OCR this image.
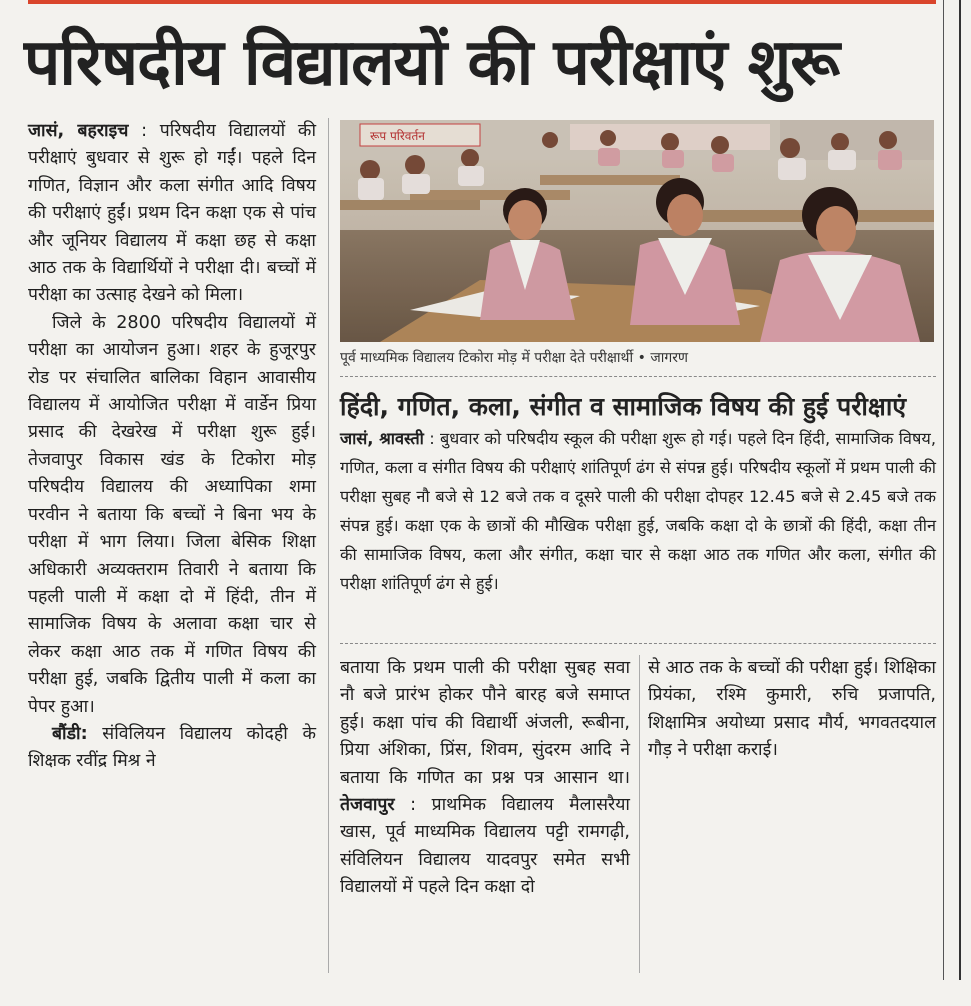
परिषदीय विद्यालयों की परीक्षाएं शुरू

जासं, बहराइच : परिषदीय विद्यालयों की परीक्षाएं बुधवार से शुरू हो गईं। पहले दिन गणित, विज्ञान और कला संगीत आदि विषय की परीक्षाएं हुईं। प्रथम दिन कक्षा एक से पांच और जूनियर विद्यालय में कक्षा छह से कक्षा आठ तक के विद्यार्थियों ने परीक्षा दी। बच्चों में परीक्षा का उत्साह देखने को मिला।

जिले के 2800 परिषदीय विद्यालयों में परीक्षा का आयोजन हुआ। शहर के हुजूरपुर रोड पर संचालित बालिका विहान आवासीय विद्यालय में आयोजित परीक्षा में वार्डेन प्रिया प्रसाद की देखरेख में परीक्षा शुरू हुई। तेजवापुर विकास खंड के टिकोरा मोड़ परिषदीय विद्यालय की अध्यापिका शमा परवीन ने बताया कि बच्चों ने बिना भय के परीक्षा में भाग लिया। जिला बेसिक शिक्षा अधिकारी अव्यक्तराम तिवारी ने बताया कि पहली पाली में कक्षा दो में हिंदी, तीन में सामाजिक विषय के अलावा कक्षा चार से लेकर कक्षा आठ तक में गणित विषय की परीक्षा हुई, जबकि द्वितीय पाली में कला का पेपर हुआ।

बौंडी: संविलियन विद्यालय कोदही के शिक्षक रवींद्र मिश्र ने

रूप परिवर्तन
पूर्व माध्यमिक विद्यालय टिकोरा मोड़ में परीक्षा देते परीक्षार्थी • जागरण
हिंदी, गणित, कला, संगीत व सामाजिक विषय की हुई परीक्षाएं

जासं, श्रावस्ती : बुधवार को परिषदीय स्कूल की परीक्षा शुरू हो गई। पहले दिन हिंदी, सामाजिक विषय, गणित, कला व संगीत विषय की परीक्षाएं शांतिपूर्ण ढंग से संपन्न हुई। परिषदीय स्कूलों में प्रथम पाली की परीक्षा सुबह नौ बजे से 12 बजे तक व दूसरे पाली की परीक्षा दोपहर 12.45 बजे से 2.45 बजे तक संपन्न हुई। कक्षा एक के छात्रों की मौखिक परीक्षा हुई, जबकि कक्षा दो के छात्रों की हिंदी, कक्षा तीन की सामाजिक विषय, कला और संगीत, कक्षा चार से कक्षा आठ तक गणित और कला, संगीत की परीक्षा शांतिपूर्ण ढंग से हुई।

बताया कि प्रथम पाली की परीक्षा सुबह सवा नौ बजे प्रारंभ होकर पौने बारह बजे समाप्त हुई। कक्षा पांच की विद्यार्थी अंजली, रूबीना, प्रिया अंशिका, प्रिंस, शिवम, सुंदरम आदि ने बताया कि गणित का प्रश्न पत्र आसान था। तेजवापुर : प्राथमिक विद्यालय मैलासरैया खास, पूर्व माध्यमिक विद्यालय पट्टी रामगढ़ी, संविलियन विद्यालय यादवपुर समेत सभी विद्यालयों में पहले दिन कक्षा दो

से आठ तक के बच्चों की परीक्षा हुई। शिक्षिका प्रियंका, रश्मि कुमारी, रुचि प्रजापति, शिक्षामित्र अयोध्या प्रसाद मौर्य, भगवतदयाल गौड़ ने परीक्षा कराई।
